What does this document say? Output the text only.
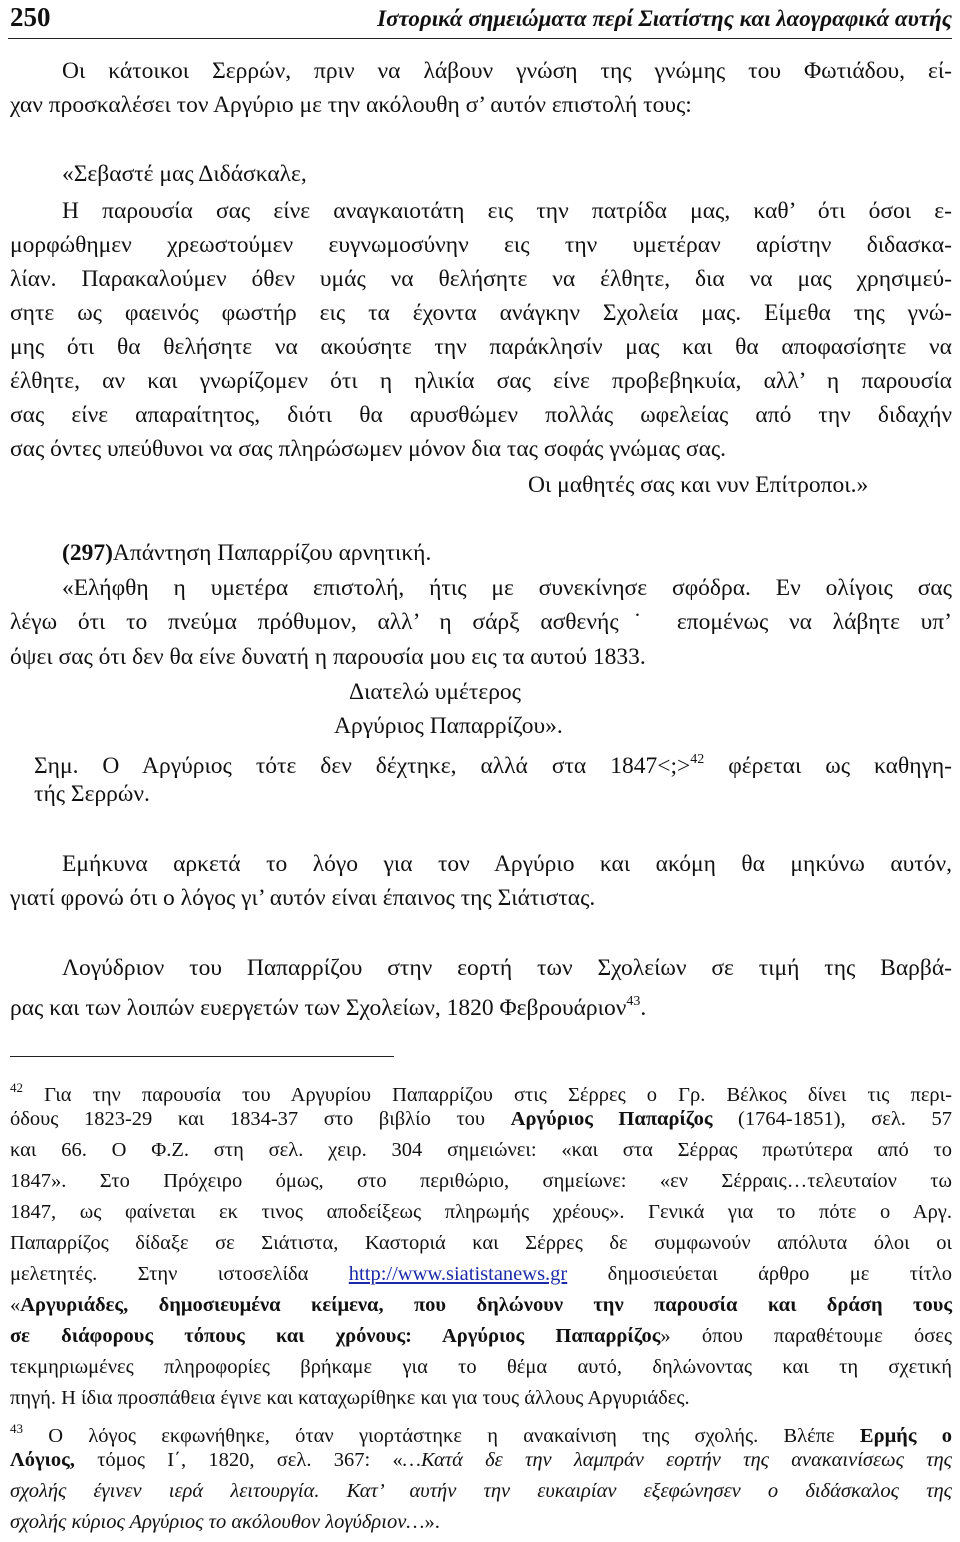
250	Ιστορικά σημειώματα περί Σιατίστης και λαογραφικά αυτής
Οι κάτοικοι Σερρών, πριν να λάβουν γνώση της γνώμης του Φωτιάδου, εί-
χαν προσκαλέσει τον Αργύριο με την ακόλουθη σ’ αυτόν επιστολή τους:
«Σεβαστέ μας Διδάσκαλε,
Η παρουσία σας είνε αναγκαιοτάτη εις την πατρίδα μας, καθ’ ότι όσοι ε-
μορφώθημεν χρεωστούμεν ευγνωμοσύνην εις την υμετέραν αρίστην διδασκα-
λίαν. Παρακαλούμεν όθεν υμάς να θελήσητε να έλθητε, δια να μας χρησιμεύ-
σητε ως φαεινός φωστήρ εις τα έχοντα ανάγκην Σχολεία μας. Είμεθα της γνώ-
μης ότι θα θελήσητε να ακούσητε την παράκλησίν μας και θα αποφασίσητε να
έλθητε, αν και γνωρίζομεν ότι η ηλικία σας είνε προβεβηκυία, αλλ’ η παρουσία
σας είνε απαραίτητος, διότι θα αρυσθώμεν πολλάς ωφελείας από την διδαχήν
σας όντες υπεύθυνοι να σας πληρώσωμεν μόνον δια τας σοφάς γνώμας σας.
Οι μαθητές σας και νυν Επίτροποι.»
(297)Απάντηση Παπαρρίζου αρνητική.
«Ελήφθη η υμετέρα επιστολή, ήτις με συνεκίνησε σφόδρα. Εν ολίγοις σας
λέγω ότι το πνεύμα πρόθυμον, αλλ’ η σάρξ ασθενής˙ επομένως να λάβητε υπ’
όψει σας ότι δεν θα είνε δυνατή η παρουσία μου εις τα αυτού 1833.
Διατελώ υμέτερος
Αργύριος Παπαρρίζου».
Σημ. Ο Αργύριος τότε δεν δέχτηκε, αλλά στα 1847<;>$^{42}$ φέρεται ως καθηγη-
τής Σερρών.
Εμήκυνα αρκετά το λόγο για τον Αργύριο και ακόμη θα μηκύνω αυτόν,
γιατί φρονώ ότι ο λόγος γι’ αυτόν είναι έπαινος της Σιάτιστας.
Λογύδριον του Παπαρρίζου στην εορτή των Σχολείων σε τιμή της Βαρβά-
ρας και των λοιπών ευεργετών των Σχολείων, 1820 Φεβρουάριον$^{43}$.
$^{42}$ Για την παρουσία του Αργυρίου Παπαρρίζου στις Σέρρες ο Γρ. Βέλκος δίνει τις περι-
όδους 1823-29 και 1834-37 στο βιβλίο του Αργύριος Παπαρίζος (1764-1851), σελ. 57
και 66. Ο Φ.Ζ. στη σελ. χειρ. 304 σημειώνει: «και στα Σέρρας πρωτύτερα από το
1847». Στο Πρόχειρο όμως, στο περιθώριο, σημείωνε: «εν Σέρραις…τελευταίον τω
1847, ως φαίνεται εκ τινος αποδείξεως πληρωμής χρέους». Γενικά για το πότε ο Αργ.
Παπαρρίζος δίδαξε σε Σιάτιστα, Καστοριά και Σέρρες δε συμφωνούν απόλυτα όλοι οι
μελετητές. Στην ιστοσελίδα http://www.siatistanews.gr δημοσιεύεται άρθρο με τίτλο
«Αργυριάδες, δημοσιευμένα κείμενα, που δηλώνουν την παρουσία και δράση τους
σε διάφορους τόπους και χρόνους: Αργύριος Παπαρρίζος» όπου παραθέτουμε όσες
τεκμηριωμένες πληροφορίες βρήκαμε για το θέμα αυτό, δηλώνοντας και τη σχετική
πηγή. Η ίδια προσπάθεια έγινε και καταχωρίθηκε και για τους άλλους Αργυριάδες.
$^{43}$ Ο λόγος εκφωνήθηκε, όταν γιορτάστηκε η ανακαίνιση της σχολής. Βλέπε Ερμής ο
Λόγιος, τόμος Ι΄, 1820, σελ. 367: «…Κατά δε την λαμπράν εορτήν της ανακαινίσεως της
σχολής έγινεν ιερά λειτουργία. Κατ’ αυτήν την ευκαιρίαν εξεφώνησεν ο διδάσκαλος της
σχολής κύριος Αργύριος το ακόλουθον λογύδριον…».
